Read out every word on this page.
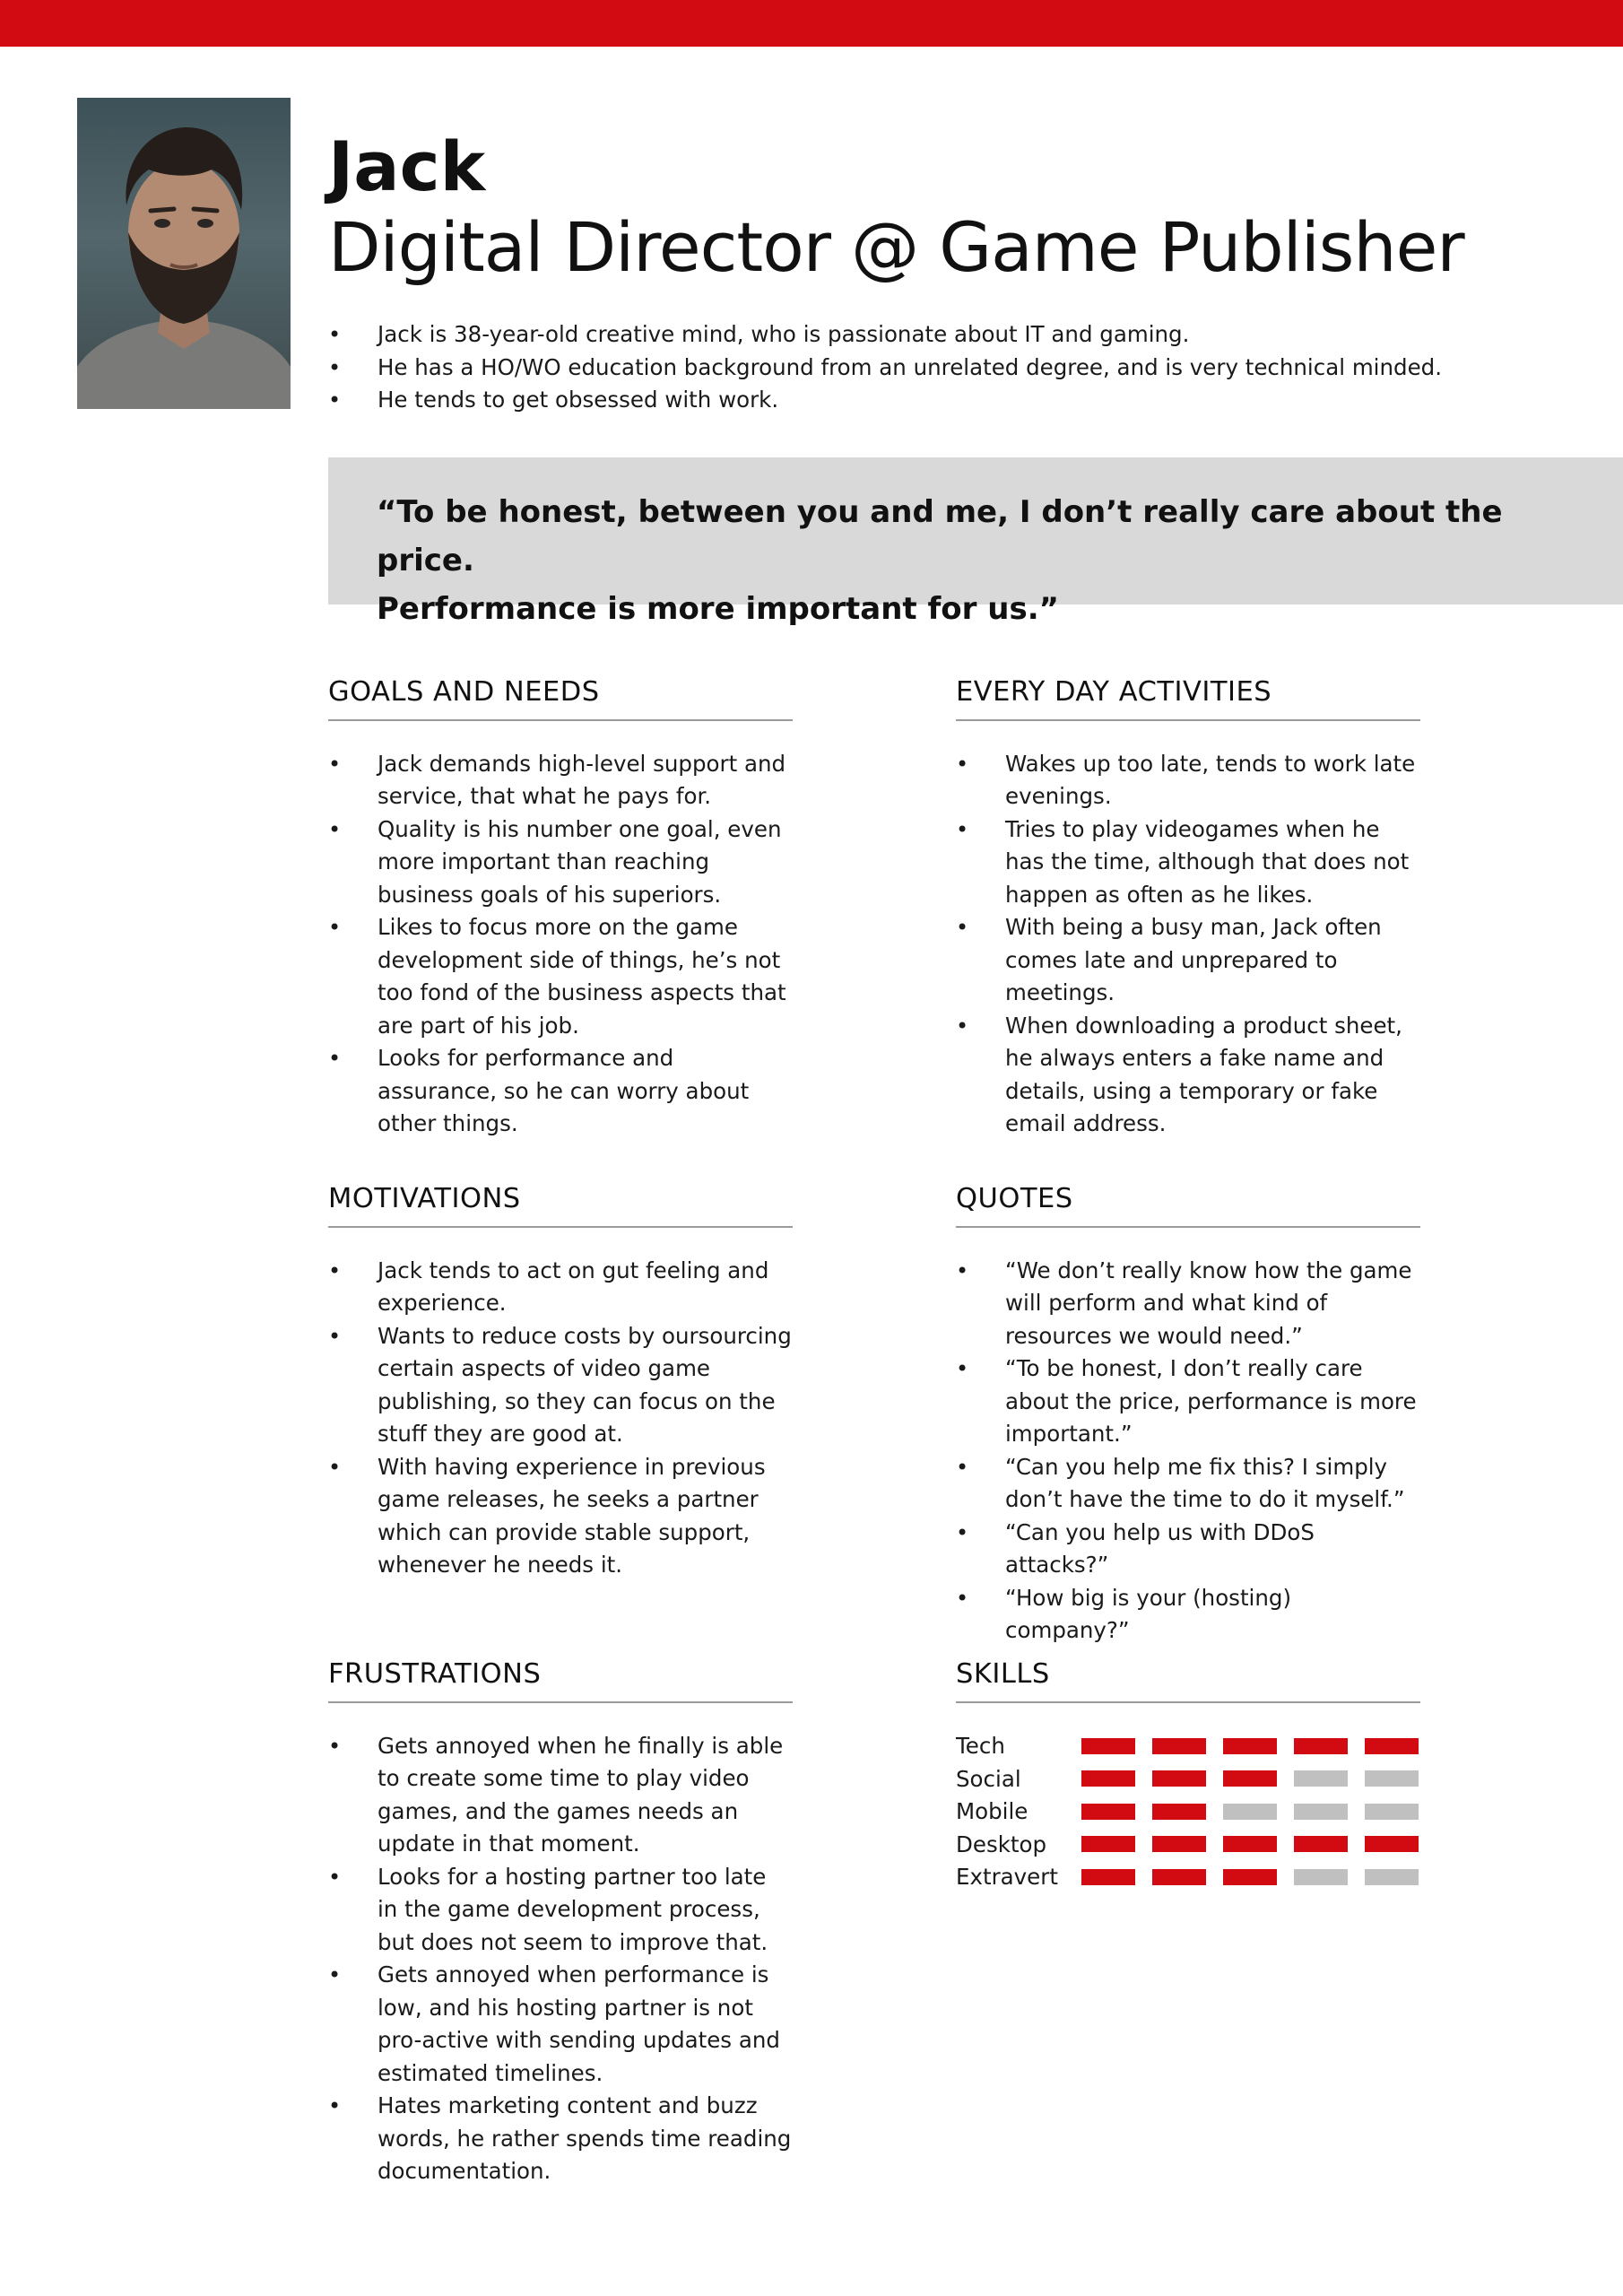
Jack
Digital Director @ Game Publisher
• Jack is 38-year-old creative mind, who is passionate about IT and gaming.
• He has a HO/WO education background from an unrelated degree, and is very technical minded.
• He tends to get obsessed with work.

“To be honest, between you and me, I don’t really care about the price.
Performance is more important for us.”

GOALS AND NEEDS
• Jack demands high-level support and service, that what he pays for.
• Quality is his number one goal, even more important than reaching business goals of his superiors.
• Likes to focus more on the game development side of things, he’s not too fond of the business aspects that are part of his job.
• Looks for performance and assurance, so he can worry about other things.
EVERY DAY ACTIVITIES
• Wakes up too late, tends to work late evenings.
• Tries to play videogames when he has the time, although that does not happen as often as he likes.
• With being a busy man, Jack often comes late and unprepared to meetings.
• When downloading a product sheet, he always enters a fake name and details, using a temporary or fake email address.
MOTIVATIONS
• Jack tends to act on gut feeling and experience.
• Wants to reduce costs by oursourcing certain aspects of video game publishing, so they can focus on the stuff they are good at.
• With having experience in previous game releases, he seeks a partner which can provide stable support, whenever he needs it.
QUOTES
• “We don’t really know how the game will perform and what kind of resources we would need.”
• “To be honest, I don’t really care about the price, performance is more important.”
• “Can you help me fix this? I simply don’t have the time to do it myself.”
• “Can you help us with DDoS attacks?”
• “How big is your (hosting) company?”
FRUSTRATIONS
• Gets annoyed when he finally is able to create some time to play video games, and the games needs an update in that moment.
• Looks for a hosting partner too late in the game development process, but does not seem to improve that.
• Gets annoyed when performance is low, and his hosting partner is not pro-active with sending updates and estimated timelines.
• Hates marketing content and buzz words, he rather spends time reading documentation.
SKILLS
Tech
Social
Mobile
Desktop
Extravert
